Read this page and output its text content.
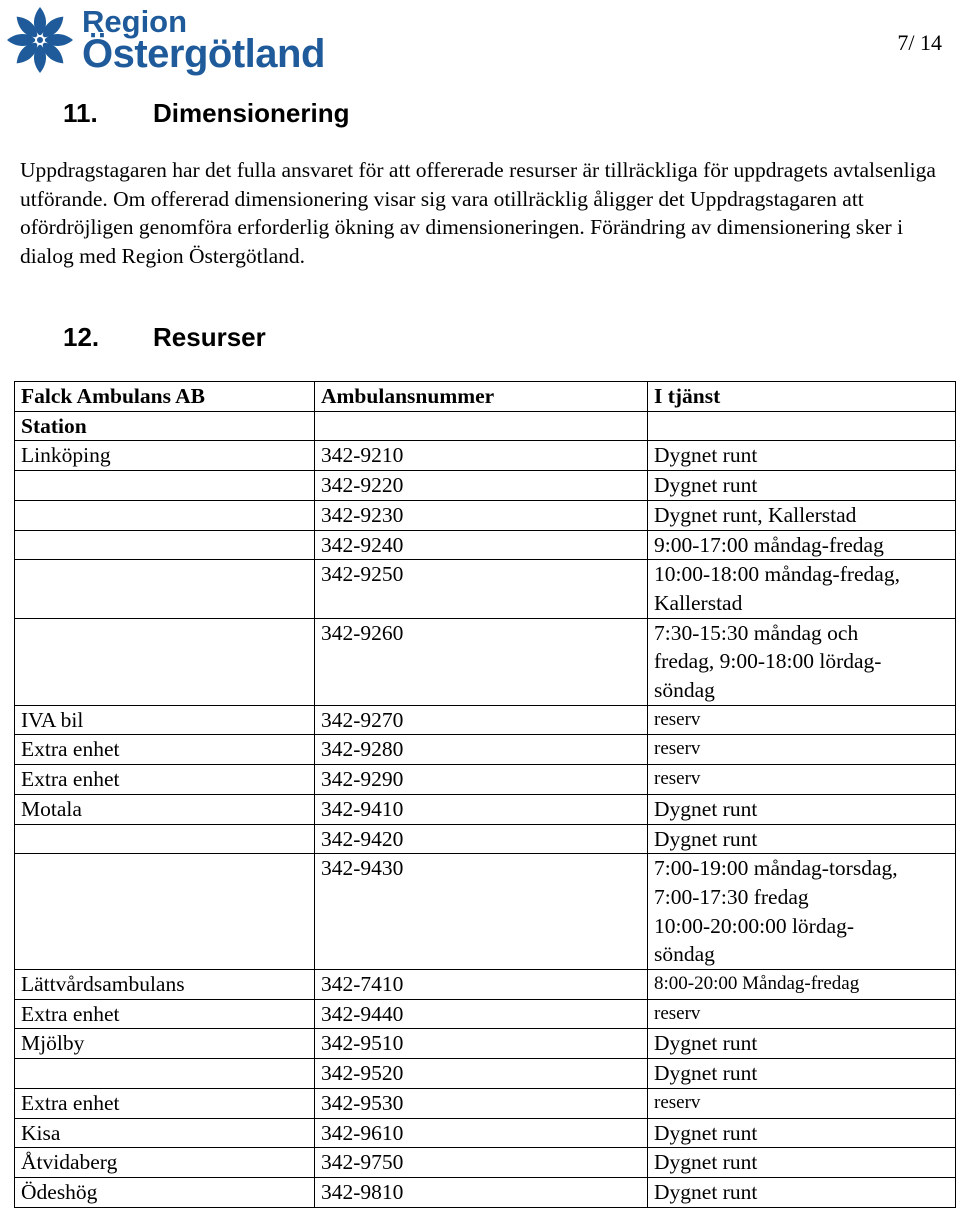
Region
Östergötland	7/ 14
11. Dimensionering
Uppdragstagaren har det fulla ansvaret för att offererade resurser är tillräckliga för uppdragets avtalsenliga utförande. Om offererad dimensionering visar sig vara otillräcklig åligger det Uppdragstagaren att ofördröjligen genomföra erforderlig ökning av dimensioneringen. Förändring av dimensionering sker i dialog med Region Östergötland.
12. Resurser
Falck Ambulans AB	Ambulansnummer	I tjänst
Station		
Linköping	342-9210	Dygnet runt
	342-9220	Dygnet runt
	342-9230	Dygnet runt, Kallerstad
	342-9240	9:00-17:00 måndag-fredag
	342-9250	10:00-18:00 måndag-fredag,
Kallerstad
	342-9260	7:30-15:30 måndag och
fredag, 9:00-18:00 lördag-
söndag
IVA bil	342-9270	reserv
Extra enhet	342-9280	reserv
Extra enhet	342-9290	reserv
Motala	342-9410	Dygnet runt
	342-9420	Dygnet runt
	342-9430	7:00-19:00 måndag-torsdag,
7:00-17:30 fredag
10:00-20:00:00 lördag-
söndag
Lättvårdsambulans	342-7410	8:00-20:00 Måndag-fredag
Extra enhet	342-9440	reserv
Mjölby	342-9510	Dygnet runt
	342-9520	Dygnet runt
Extra enhet	342-9530	reserv
Kisa	342-9610	Dygnet runt
Åtvidaberg	342-9750	Dygnet runt
Ödeshög	342-9810	Dygnet runt
